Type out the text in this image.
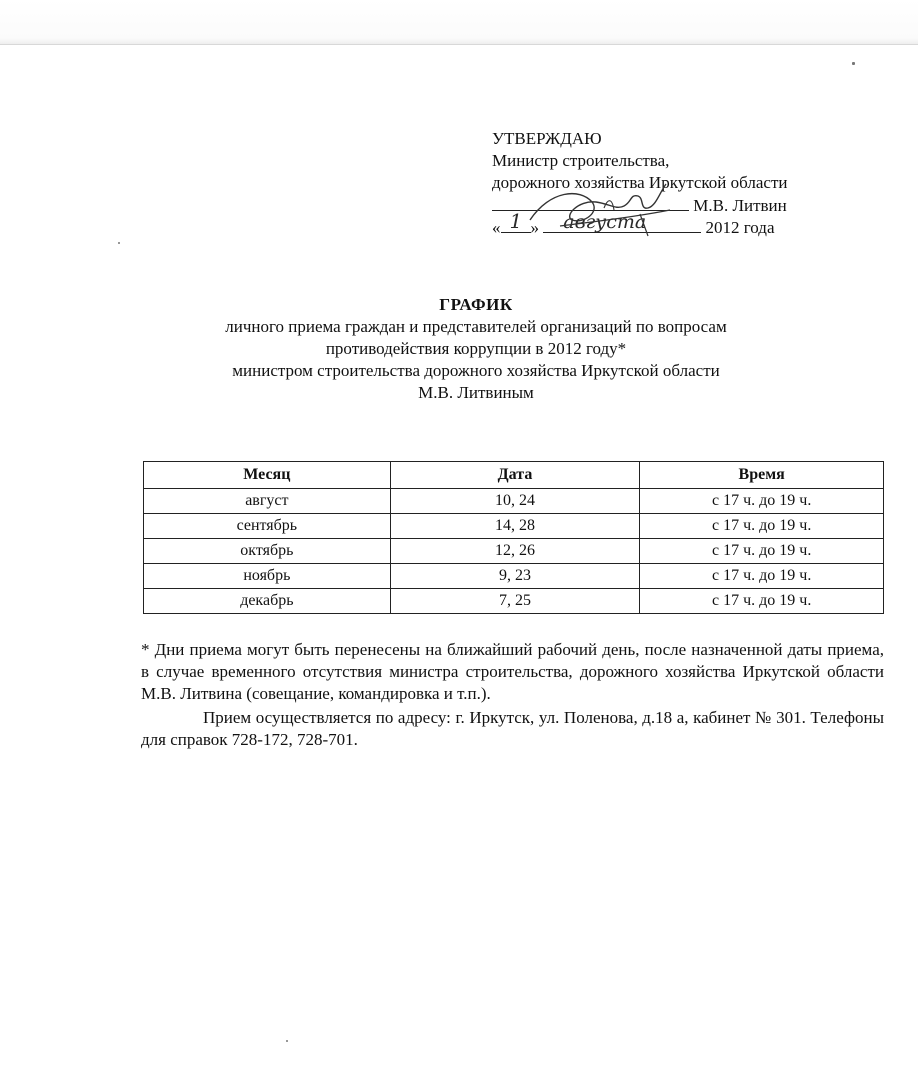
УТВЕРЖДАЮ
Министр строительства,
дорожного хозяйства Иркутской области
М.В. Литвин
« 1 » августа	2012 года
ГРАФИК
личного приема граждан и представителей организаций по вопросам
противодействия коррупции в 2012 году*
министром строительства дорожного хозяйства Иркутской области
М.В. Литвиным
Месяц	Дата	Время
август	10, 24	с 17 ч. до 19 ч.
сентябрь	14, 28	с 17 ч. до 19 ч.
октябрь	12, 26	с 17 ч. до 19 ч.
ноябрь	9, 23	с 17 ч. до 19 ч.
декабрь	7, 25	с 17 ч. до 19 ч.

* Дни приема могут быть перенесены на ближайший рабочий день, после назначенной даты приема, в случае временного отсутствия министра строительства, дорожного хозяйства Иркутской области М.В. Литвина (совещание, командировка и т.п.).

Прием осуществляется по адресу: г. Иркутск, ул. Поленова, д.18 а, кабинет № 301. Телефоны для справок 728-172, 728-701.
